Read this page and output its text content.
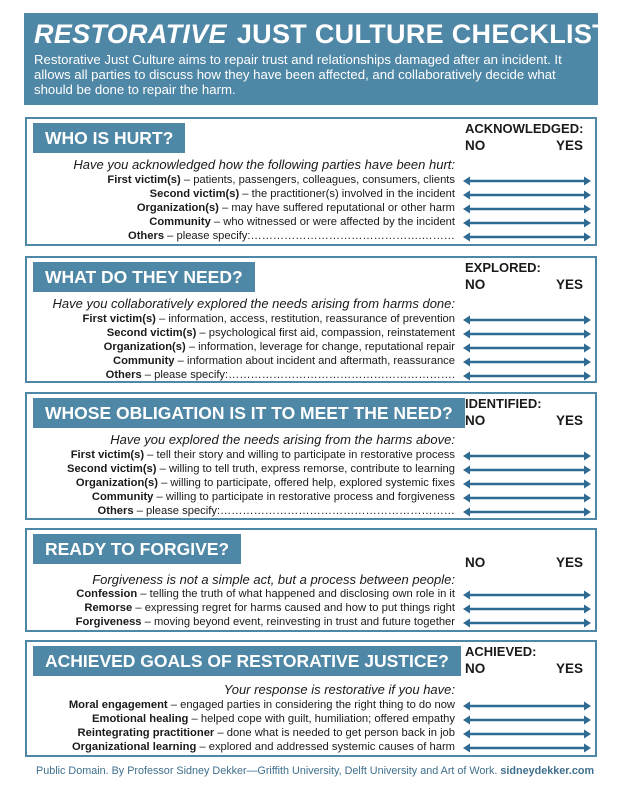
RESTORATIVE JUST CULTURE CHECKLIST
Restorative Just Culture aims to repair trust and relationships damaged after an incident. It allows all parties to discuss how they have been affected, and collaboratively decide what should be done to repair the harm.
WHO IS HURT?	ACKNOWLEDGED:
NO	YES
Have you acknowledged how the following parties have been hurt:
First victim(s) – patients, passengers, colleagues, consumers, clients
Second victim(s) – the practitioner(s) involved in the incident
Organization(s) – may have suffered reputational or other harm
Community – who witnessed or were affected by the incident
Others – please specify:……………………………………….………
WHAT DO THEY NEED?	EXPLORED:
NO	YES
Have you collaboratively explored the needs arising from harms done:
First victim(s) – information, access, restitution, reassurance of prevention
Second victim(s) – psychological first aid, compassion, reinstatement
Organization(s) – information, leverage for change, reputational repair
Community – information about incident and aftermath, reassurance
Others – please specify:…………………………………………………….
WHOSE OBLIGATION IS IT TO MEET THE NEED? IDENTIFIED:
NO	YES
Have you explored the needs arising from the harms above:
First victim(s) – tell their story and willing to participate in restorative process
Second victim(s) – willing to tell truth, express remorse, contribute to learning
Organization(s) – willing to participate, offered help, explored systemic fixes
Community – willing to participate in restorative process and forgiveness
Others – please specify:………………………………………………………
READY TO FORGIVE?
NO	YES
Forgiveness is not a simple act, but a process between people:
Confession – telling the truth of what happened and disclosing own role in it
Remorse – expressing regret for harms caused and how to put things right
Forgiveness – moving beyond event, reinvesting in trust and future together
ACHIEVED GOALS OF RESTORATIVE JUSTICE?	ACHIEVED:
NO	YES
Your response is restorative if you have:
Moral engagement – engaged parties in considering the right thing to do now
Emotional healing – helped cope with guilt, humiliation; offered empathy
Reintegrating practitioner – done what is needed to get person back in job
Organizational learning – explored and addressed systemic causes of harm
Public Domain. By Professor Sidney Dekker—Griffith University, Delft University and Art of Work. sidneydekker.com
